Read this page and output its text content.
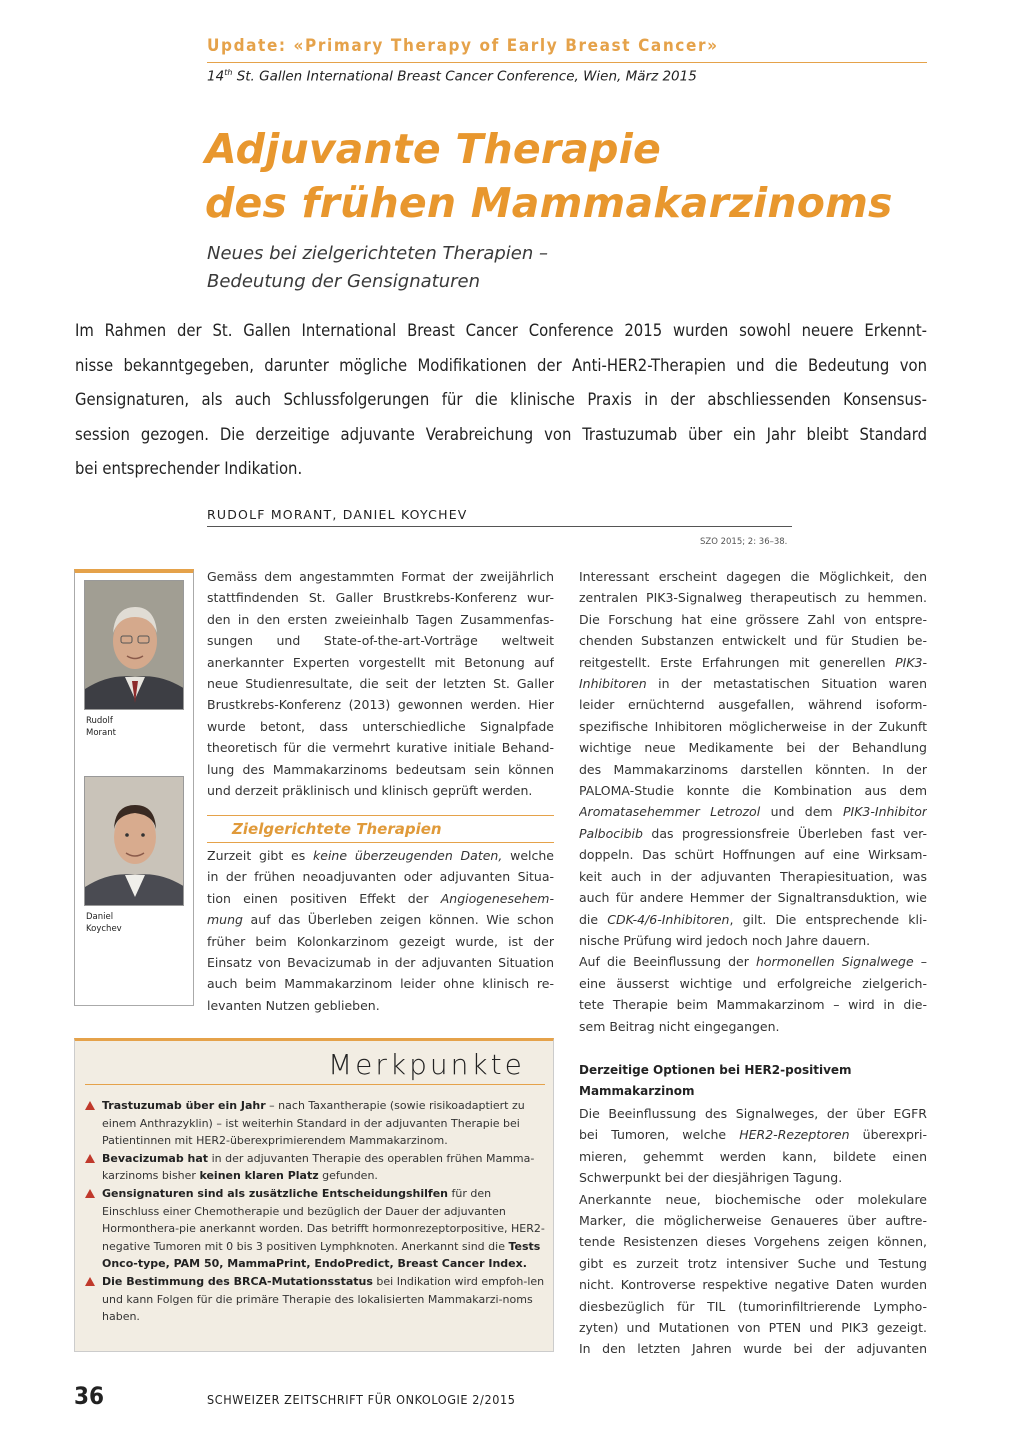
Update: «Primary Therapy of Early Breast Cancer»
14th St. Gallen International Breast Cancer Conference, Wien, März 2015
Adjuvante Therapie
des frühen Mammakarzinoms
Neues bei zielgerichteten Therapien –
Bedeutung der Gensignaturen
Im Rahmen der St. Gallen International Breast Cancer Conference 2015 wurden sowohl neuere Erkennt-
nisse bekanntgegeben, darunter mögliche Modifikationen der Anti-HER2-Therapien und die Bedeutung von
Gensignaturen, als auch Schlussfolgerungen für die klinische Praxis in der abschliessenden Konsensus-
session gezogen. Die derzeitige adjuvante Verabreichung von Trastuzumab über ein Jahr bleibt Standard
bei entsprechender Indikation.
RUDOLF MORANT, DANIEL KOYCHEV
SZO 2015; 2: 36–38.
Rudolf
Morant
Daniel
Koychev
Gemäss dem angestammten Format der zweijährlich
stattfindenden St. Galler Brustkrebs-Konferenz wur-
den in den ersten zweieinhalb Tagen Zusammenfas-
sungen und State-of-the-art-Vorträge weltweit
anerkannter Experten vorgestellt mit Betonung auf
neue Studienresultate, die seit der letzten St. Galler
Brustkrebs-Konferenz (2013) gewonnen werden. Hier
wurde betont, dass unterschiedliche Signalpfade
theoretisch für die vermehrt kurative initiale Behand-
lung des Mammakarzinoms bedeutsam sein können
und derzeit präklinisch und klinisch geprüft werden.
Zielgerichtete Therapien
Zurzeit gibt es keine überzeugenden Daten, welche
in der frühen neoadjuvanten oder adjuvanten Situa-
tion einen positiven Effekt der Angiogenesehem-
mung auf das Überleben zeigen können. Wie schon
früher beim Kolonkarzinom gezeigt wurde, ist der
Einsatz von Bevacizumab in der adjuvanten Situation
auch beim Mammakarzinom leider ohne klinisch re-
levanten Nutzen geblieben.
Merkpunkte
Trastuzumab über ein Jahr – nach Taxantherapie (sowie risikoadaptiert zu einem Anthrazyklin) – ist weiterhin Standard in der adjuvanten Therapie bei Patientinnen mit HER2-überexprimierendem Mammakarzinom.
Bevacizumab hat in der adjuvanten Therapie des operablen frühen Mamma-karzinoms bisher keinen klaren Platz gefunden.
Gensignaturen sind als zusätzliche Entscheidungshilfen für den Einschluss einer Chemotherapie und bezüglich der Dauer der adjuvanten Hormonthera-pie anerkannt worden. Das betrifft hormonrezeptorpositive, HER2-negative Tumoren mit 0 bis 3 positiven Lymphknoten. Anerkannt sind die Tests Onco-type, PAM 50, MammaPrint, EndoPredict, Breast Cancer Index.
Die Bestimmung des BRCA-Mutationsstatus bei Indikation wird empfoh-len und kann Folgen für die primäre Therapie des lokalisierten Mammakarzi-noms haben.
Interessant erscheint dagegen die Möglichkeit, den
zentralen PIK3-Signalweg therapeutisch zu hemmen.
Die Forschung hat eine grössere Zahl von entspre-
chenden Substanzen entwickelt und für Studien be-
reitgestellt. Erste Erfahrungen mit generellen PIK3-
Inhibitoren in der metastatischen Situation waren
leider ernüchternd ausgefallen, während isoform-
spezifische Inhibitoren möglicherweise in der Zukunft
wichtige neue Medikamente bei der Behandlung
des Mammakarzinoms darstellen könnten. In der
PALOMA-Studie konnte die Kombination aus dem
Aromatasehemmer Letrozol und dem PIK3-Inhibitor
Palbocibib das progressionsfreie Überleben fast ver-
doppeln. Das schürt Hoffnungen auf eine Wirksam-
keit auch in der adjuvanten Therapiesituation, was
auch für andere Hemmer der Signaltransduktion, wie
die CDK-4/6-Inhibitoren, gilt. Die entsprechende kli-
nische Prüfung wird jedoch noch Jahre dauern.
Auf die Beeinflussung der hormonellen Signalwege –
eine äusserst wichtige und erfolgreiche zielgerich-
tete Therapie beim Mammakarzinom – wird in die-
sem Beitrag nicht eingegangen.
Derzeitige Optionen bei HER2-positivem
Mammakarzinom
Die Beeinflussung des Signalweges, der über EGFR
bei Tumoren, welche HER2-Rezeptoren überexpri-
mieren, gehemmt werden kann, bildete einen
Schwerpunkt bei der diesjährigen Tagung.
Anerkannte neue, biochemische oder molekulare
Marker, die möglicherweise Genaueres über auftre-
tende Resistenzen dieses Vorgehens zeigen können,
gibt es zurzeit trotz intensiver Suche und Testung
nicht. Kontroverse respektive negative Daten wurden
diesbezüglich für TIL (tumorinfiltrierende Lympho-
zyten) und Mutationen von PTEN und PIK3 gezeigt.
In den letzten Jahren wurde bei der adjuvanten
36	SCHWEIZER ZEITSCHRIFT FÜR ONKOLOGIE 2/2015
